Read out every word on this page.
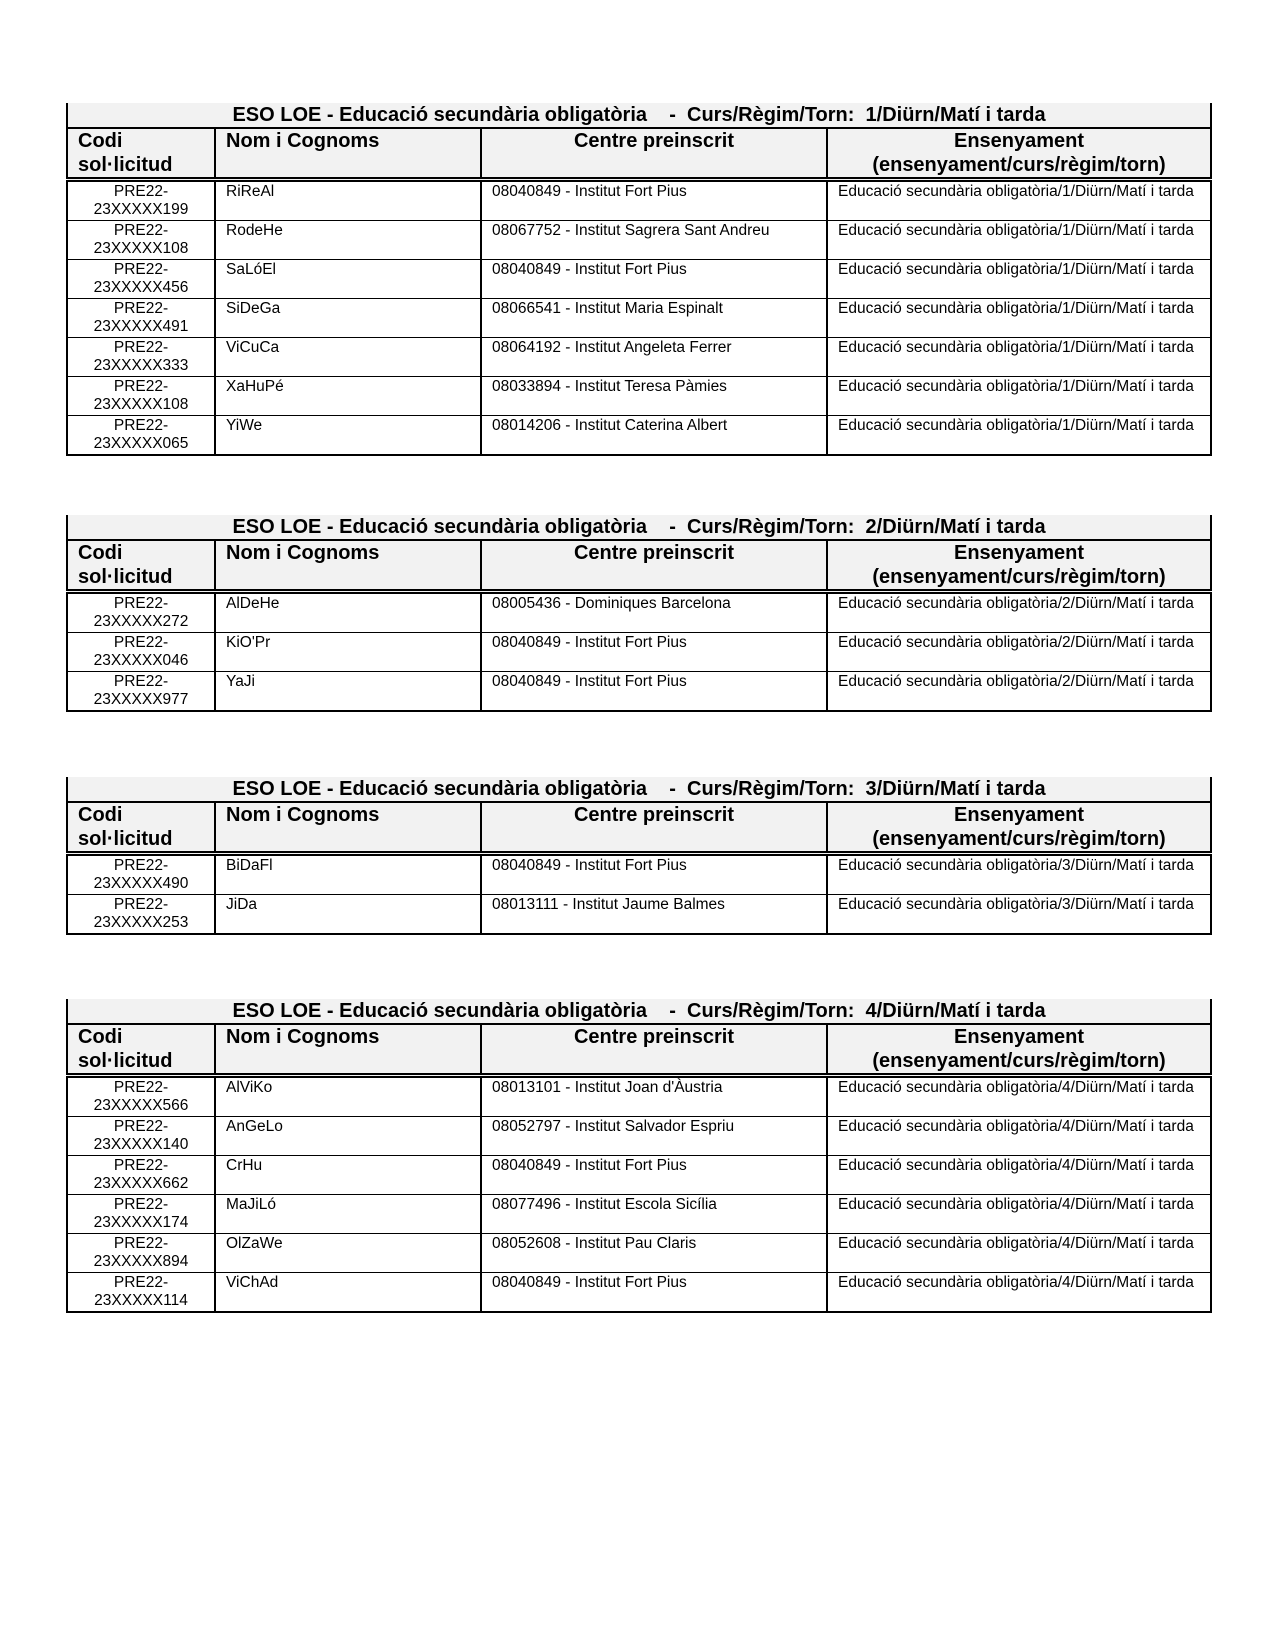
ESO LOE - Educació secundària obligatòria    -  Curs/Règim/Torn:  1/Diürn/Matí i tarda			
Codi
sol·licitud	Nom i Cognoms	Centre preinscrit	Ensenyament
(ensenyament/curs/règim/torn)
PRE22-
23XXXXX199	RiReAl	08040849 - Institut Fort Pius	Educació secundària obligatòria/1/Diürn/Matí i tarda
PRE22-
23XXXXX108	RodeHe	08067752 - Institut Sagrera Sant Andreu	Educació secundària obligatòria/1/Diürn/Matí i tarda
PRE22-
23XXXXX456	SaLóEl	08040849 - Institut Fort Pius	Educació secundària obligatòria/1/Diürn/Matí i tarda
PRE22-
23XXXXX491	SiDeGa	08066541 - Institut Maria Espinalt	Educació secundària obligatòria/1/Diürn/Matí i tarda
PRE22-
23XXXXX333	ViCuCa	08064192 - Institut Angeleta Ferrer	Educació secundària obligatòria/1/Diürn/Matí i tarda
PRE22-
23XXXXX108	XaHuPé	08033894 - Institut Teresa Pàmies	Educació secundària obligatòria/1/Diürn/Matí i tarda
PRE22-
23XXXXX065	YiWe	08014206 - Institut Caterina Albert	Educació secundària obligatòria/1/Diürn/Matí i tarda
ESO LOE - Educació secundària obligatòria    -  Curs/Règim/Torn:  2/Diürn/Matí i tarda			
Codi
sol·licitud	Nom i Cognoms	Centre preinscrit	Ensenyament
(ensenyament/curs/règim/torn)
PRE22-
23XXXXX272	AlDeHe	08005436 - Dominiques Barcelona	Educació secundària obligatòria/2/Diürn/Matí i tarda
PRE22-
23XXXXX046	KiO'Pr	08040849 - Institut Fort Pius	Educació secundària obligatòria/2/Diürn/Matí i tarda
PRE22-
23XXXXX977	YaJi	08040849 - Institut Fort Pius	Educació secundària obligatòria/2/Diürn/Matí i tarda
ESO LOE - Educació secundària obligatòria    -  Curs/Règim/Torn:  3/Diürn/Matí i tarda			
Codi
sol·licitud	Nom i Cognoms	Centre preinscrit	Ensenyament
(ensenyament/curs/règim/torn)
PRE22-
23XXXXX490	BiDaFl	08040849 - Institut Fort Pius	Educació secundària obligatòria/3/Diürn/Matí i tarda
PRE22-
23XXXXX253	JiDa	08013111 - Institut Jaume Balmes	Educació secundària obligatòria/3/Diürn/Matí i tarda
ESO LOE - Educació secundària obligatòria    -  Curs/Règim/Torn:  4/Diürn/Matí i tarda			
Codi
sol·licitud	Nom i Cognoms	Centre preinscrit	Ensenyament
(ensenyament/curs/règim/torn)
PRE22-
23XXXXX566	AlViKo	08013101 - Institut Joan d'Àustria	Educació secundària obligatòria/4/Diürn/Matí i tarda
PRE22-
23XXXXX140	AnGeLo	08052797 - Institut Salvador Espriu	Educació secundària obligatòria/4/Diürn/Matí i tarda
PRE22-
23XXXXX662	CrHu	08040849 - Institut Fort Pius	Educació secundària obligatòria/4/Diürn/Matí i tarda
PRE22-
23XXXXX174	MaJiLó	08077496 - Institut Escola Sicília	Educació secundària obligatòria/4/Diürn/Matí i tarda
PRE22-
23XXXXX894	OlZaWe	08052608 - Institut Pau Claris	Educació secundària obligatòria/4/Diürn/Matí i tarda
PRE22-
23XXXXX114	ViChAd	08040849 - Institut Fort Pius	Educació secundària obligatòria/4/Diürn/Matí i tarda
